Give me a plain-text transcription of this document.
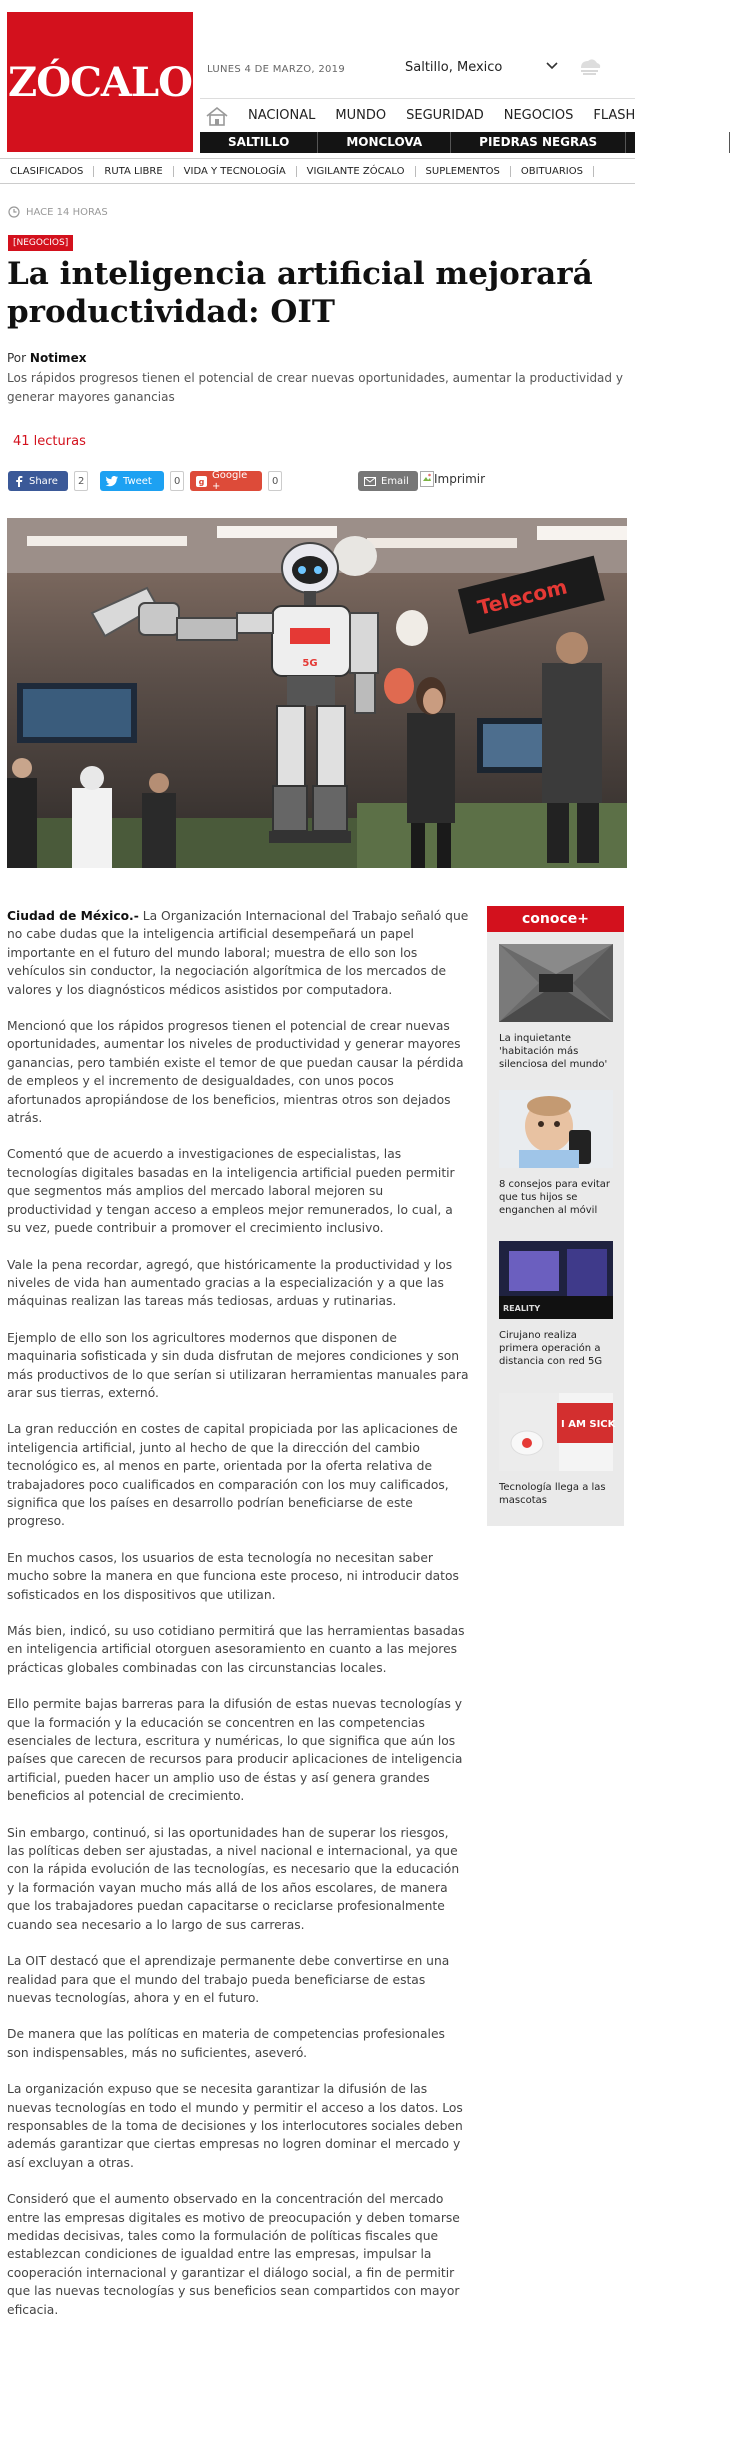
ZÓCALO LUNES 4 DE MARZO, 2019	Saltillo, Mexico
NACIONAL	MUNDO	SEGURIDAD	NEGOCIOS	FLASH
SALTILLO	MONCLOVA	PIEDRAS NEGRAS	ACUÑA
CLASIFICADOS	RUTA LIBRE	VIDA Y TECNOLOGÍA	VIGILANTE ZÓCALO	SUPLEMENTOS	OBITUARIOS
HACE 14 HORAS
[NEGOCIOS]
La inteligencia artificial mejorará productividad: OIT
Por Notimex
Los rápidos progresos tienen el potencial de crear nuevas oportunidades, aumentar la productividad y generar mayores ganancias
41 lecturas
Share	2	Tweet	0	g
Google +	0	Email Imprimir
Telecom
5G

Ciudad de México.- La Organización Internacional del Trabajo señaló que no cabe dudas que la inteligencia artificial desempeñará un papel importante en el futuro del mundo laboral; muestra de ello son los vehículos sin conductor, la negociación algorítmica de los mercados de valores y los diagnósticos médicos asistidos por computadora.

Mencionó que los rápidos progresos tienen el potencial de crear nuevas oportunidades, aumentar los niveles de productividad y generar mayores ganancias, pero también existe el temor de que puedan causar la pérdida de empleos y el incremento de desigualdades, con unos pocos afortunados apropiándose de los beneficios, mientras otros son dejados atrás.

Comentó que de acuerdo a investigaciones de especialistas, las tecnologías digitales basadas en la inteligencia artificial pueden permitir que segmentos más amplios del mercado laboral mejoren su productividad y tengan acceso a empleos mejor remunerados, lo cual, a su vez, puede contribuir a promover el crecimiento inclusivo.

Vale la pena recordar, agregó, que históricamente la productividad y los niveles de vida han aumentado gracias a la especialización y a que las máquinas realizan las tareas más tediosas, arduas y rutinarias.

Ejemplo de ello son los agricultores modernos que disponen de maquinaria sofisticada y sin duda disfrutan de mejores condiciones y son más productivos de lo que serían si utilizaran herramientas manuales para arar sus tierras, externó.

La gran reducción en costes de capital propiciada por las aplicaciones de inteligencia artificial, junto al hecho de que la dirección del cambio tecnológico es, al menos en parte, orientada por la oferta relativa de trabajadores poco cualificados en comparación con los muy calificados, significa que los países en desarrollo podrían beneficiarse de este progreso.

En muchos casos, los usuarios de esta tecnología no necesitan saber mucho sobre la manera en que funciona este proceso, ni introducir datos sofisticados en los dispositivos que utilizan.

Más bien, indicó, su uso cotidiano permitirá que las herramientas basadas en inteligencia artificial otorguen asesoramiento en cuanto a las mejores prácticas globales combinadas con las circunstancias locales.

Ello permite bajas barreras para la difusión de estas nuevas tecnologías y que la formación y la educación se concentren en las competencias esenciales de lectura, escritura y numéricas, lo que significa que aún los países que carecen de recursos para producir aplicaciones de inteligencia artificial, pueden hacer un amplio uso de éstas y así genera grandes beneficios al potencial de crecimiento.

Sin embargo, continuó, si las oportunidades han de superar los riesgos, las políticas deben ser ajustadas, a nivel nacional e internacional, ya que con la rápida evolución de las tecnologías, es necesario que la educación y la formación vayan mucho más allá de los años escolares, de manera que los trabajadores puedan capacitarse o reciclarse profesionalmente cuando sea necesario a lo largo de sus carreras.

La OIT destacó que el aprendizaje permanente debe convertirse en una realidad para que el mundo del trabajo pueda beneficiarse de estas nuevas tecnologías, ahora y en el futuro.

De manera que las políticas en materia de competencias profesionales son indispensables, más no suficientes, aseveró.

La organización expuso que se necesita garantizar la difusión de las nuevas tecnologías en todo el mundo y permitir el acceso a los datos. Los responsables de la toma de decisiones y los interlocutores sociales deben además garantizar que ciertas empresas no logren dominar el mercado y así excluyan a otras.

Consideró que el aumento observado en la concentración del mercado entre las empresas digitales es motivo de preocupación y deben tomarse medidas decisivas, tales como la formulación de políticas fiscales que establezcan condiciones de igualdad entre las empresas, impulsar la cooperación internacional y garantizar el diálogo social, a fin de permitir que las nuevas tecnologías y sus beneficios sean compartidos con mayor eficacia.

conoce+
La inquietante 'habitación más silenciosa del mundo'
8 consejos para evitar que tus hijos se enganchen al móvil
REALITY
Cirujano realiza primera operación a distancia con red 5G
I AM SICK
Tecnología llega a las mascotas
